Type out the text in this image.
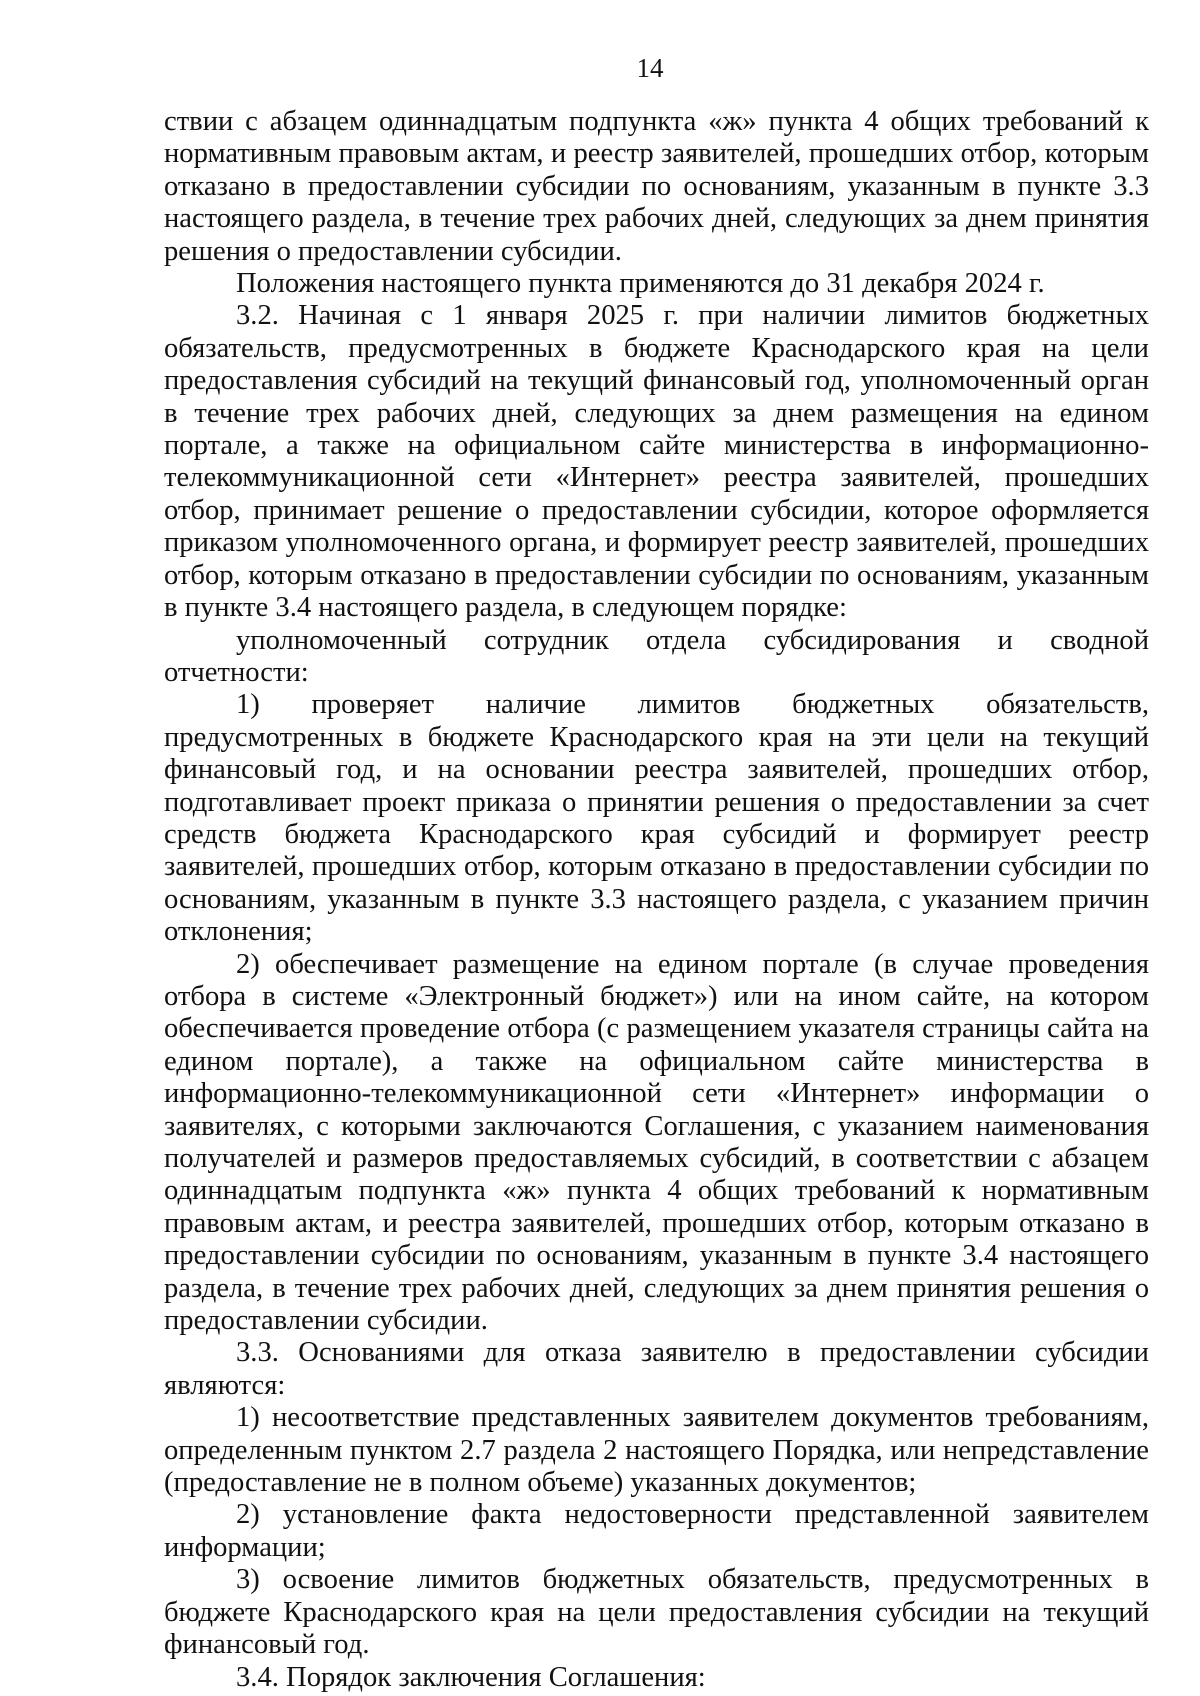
14

ствии с абзацем одиннадцатым подпункта «ж» пункта 4 общих требований к нормативным правовым актам, и реестр заявителей, прошедших отбор, которым отказано в предоставлении субсидии по основаниям, указанным в пункте 3.3 настоящего раздела, в течение трех рабочих дней, следующих за днем принятия решения о предоставлении субсидии.

Положения настоящего пункта применяются до 31 декабря 2024 г.

3.2. Начиная с 1 января 2025 г. при наличии лимитов бюджетных обязательств, предусмотренных в бюджете Краснодарского края на цели предоставления субсидий на текущий финансовый год, уполномоченный орган в течение трех рабочих дней, следующих за днем размещения на едином портале, а также на официальном сайте министерства в информационно-телекоммуникационной сети «Интернет» реестра заявителей, прошедших отбор, принимает решение о предоставлении субсидии, которое оформляется приказом уполномоченного органа, и формирует реестр заявителей, прошедших отбор, которым отказано в предоставлении субсидии по основаниям, указанным в пункте 3.4 настоящего раздела, в следующем порядке:

уполномоченный сотрудник отдела субсидирования и сводной отчетности:

1) проверяет наличие лимитов бюджетных обязательств, предусмотренных в бюджете Краснодарского края на эти цели на текущий финансовый год, и на основании реестра заявителей, прошедших отбор, подготавливает проект приказа о принятии решения о предоставлении за счет средств бюджета Краснодарского края субсидий и формирует реестр заявителей, прошедших отбор, которым отказано в предоставлении субсидии по основаниям, указанным в пункте 3.3 настоящего раздела, с указанием причин отклонения;

2) обеспечивает размещение на едином портале (в случае проведения отбора в системе «Электронный бюджет») или на ином сайте, на котором обеспечивается проведение отбора (с размещением указателя страницы сайта на едином портале), а также на официальном сайте министерства в информационно-телекоммуникационной сети «Интернет» информации о заявителях, с которыми заключаются Соглашения, с указанием наименования получателей и размеров предоставляемых субсидий, в соответствии с абзацем одиннадцатым подпункта «ж» пункта 4 общих требований к нормативным правовым актам, и реестра заявителей, прошедших отбор, которым отказано в предоставлении субсидии по основаниям, указанным в пункте 3.4 настоящего раздела, в течение трех рабочих дней, следующих за днем принятия решения о предоставлении субсидии.

3.3. Основаниями для отказа заявителю в предоставлении субсидии являются:

1) несоответствие представленных заявителем документов требованиям, определенным пунктом 2.7 раздела 2 настоящего Порядка, или непредставление (предоставление не в полном объеме) указанных документов;

2) установление факта недостоверности представленной заявителем информации;

3) освоение лимитов бюджетных обязательств, предусмотренных в бюджете Краснодарского края на цели предоставления субсидии на текущий финансовый год.

3.4. Порядок заключения Соглашения:
